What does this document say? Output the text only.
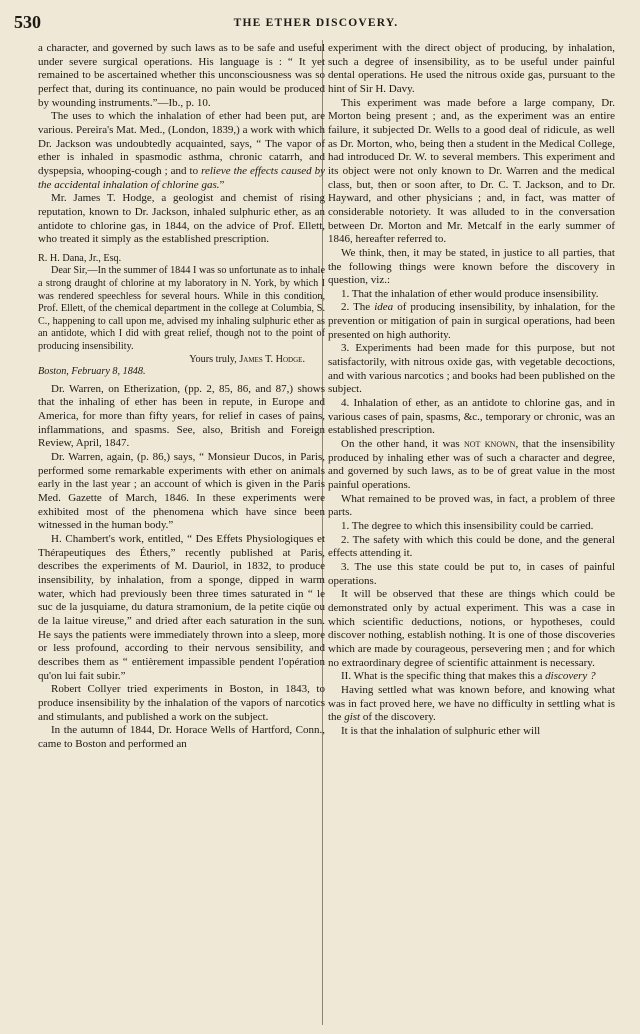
530	THE ETHER DISCOVERY.

a character, and governed by such laws as to be safe and useful under severe surgical operations. His language is : “ It yet remained to be ascertained whether this unconsciousness was so perfect that, during its continuance, no pain would be produced by wounding instruments.”—Ib., p. 10.

The uses to which the inhalation of ether had been put, are various. Pereira's Mat. Med., (London, 1839,) a work with which Dr. Jackson was undoubtedly acquainted, says, “ The vapor of ether is inhaled in spasmodic asthma, chronic catarrh, and dyspepsia, whooping-cough ; and to relieve the effects caused by the accidental inhalation of chlorine gas.”

Mr. James T. Hodge, a geologist and chemist of rising reputation, known to Dr. Jackson, inhaled sulphuric ether, as an antidote to chlorine gas, in 1844, on the advice of Prof. Ellett, who treated it simply as the established prescription.

R. H. Dana, Jr., Esq.

Dear Sir,—In the summer of 1844 I was so unfortunate as to inhale a strong draught of chlorine at my laboratory in N. York, by which I was rendered speechless for several hours. While in this condition, Prof. Ellett, of the chemical department in the college at Columbia, S. C., happening to call upon me, advised my inhaling sulphuric ether as an antidote, which I did with great relief, though not to the point of producing insensibility.

Yours truly, James T. Hodge.

Boston, February 8, 1848.

Dr. Warren, on Etherization, (pp. 2, 85, 86, and 87,) shows that the inhaling of ether has been in repute, in Europe and America, for more than fifty years, for relief in cases of pains, inflammations, and spasms. See, also, British and Foreign Review, April, 1847.

Dr. Warren, again, (p. 86,) says, “ Monsieur Ducos, in Paris, performed some remarkable experiments with ether on animals early in the last year ; an account of which is given in the Paris Med. Gazette of March, 1846. In these experiments were exhibited most of the phenomena which have since been witnessed in the human body.”

H. Chambert's work, entitled, “ Des Effets Physiologiques et Thérapeutiques des Éthers,” recently published at Paris, describes the experiments of M. Dauriol, in 1832, to produce insensibility, by inhalation, from a sponge, dipped in warm water, which had previously been three times saturated in “ le suc de la jusquiame, du datura stramonium, de la petite ciqüe ou de la laitue vireuse,” and dried after each saturation in the sun. He says the patients were immediately thrown into a sleep, more or less profound, according to their nervous sensibility, and describes them as “ entièrement impassible pendent l'opération qu'on lui fait subir.”

Robert Collyer tried experiments in Boston, in 1843, to produce insensibility by the inhalation of the vapors of narcotics and stimulants, and published a work on the subject.

In the autumn of 1844, Dr. Horace Wells of Hartford, Conn., came to Boston and performed an

experiment with the direct object of producing, by inhalation, such a degree of insensibility, as to be useful under painful dental operations. He used the nitrous oxide gas, pursuant to the hint of Sir H. Davy.

This experiment was made before a large company, Dr. Morton being present ; and, as the experiment was an entire failure, it subjected Dr. Wells to a good deal of ridicule, as well as Dr. Morton, who, being then a student in the Medical College, had introduced Dr. W. to several members. This experiment and its object were not only known to Dr. Warren and the medical class, but, then or soon after, to Dr. C. T. Jackson, and to Dr. Hayward, and other physicians ; and, in fact, was matter of considerable notoriety. It was alluded to in the conversation between Dr. Morton and Mr. Metcalf in the early summer of 1846, hereafter referred to.

We think, then, it may be stated, in justice to all parties, that the following things were known before the discovery in question, viz.:

1. That the inhalation of ether would produce insensibility.

2. The idea of producing insensibility, by inhalation, for the prevention or mitigation of pain in surgical operations, had been presented on high authority.

3. Experiments had been made for this purpose, but not satisfactorily, with nitrous oxide gas, with vegetable decoctions, and with various narcotics ; and books had been published on the subject.

4. Inhalation of ether, as an antidote to chlorine gas, and in various cases of pain, spasms, &c., temporary or chronic, was an established prescription.

On the other hand, it was not known, that the insensibility produced by inhaling ether was of such a character and degree, and governed by such laws, as to be of great value in the most painful operations.

What remained to be proved was, in fact, a problem of three parts.

1. The degree to which this insensibility could be carried.

2. The safety with which this could be done, and the general effects attending it.

3. The use this state could be put to, in cases of painful operations.

It will be observed that these are things which could be demonstrated only by actual experiment. This was a case in which scientific deductions, notions, or hypotheses, could discover nothing, establish nothing. It is one of those discoveries which are made by courageous, persevering men ; and for which no extraordinary degree of scientific attainment is necessary.

II. What is the specific thing that makes this a discovery ?

Having settled what was known before, and knowing what was in fact proved here, we have no difficulty in settling what is the gist of the discovery.

It is that the inhalation of sulphuric ether will
